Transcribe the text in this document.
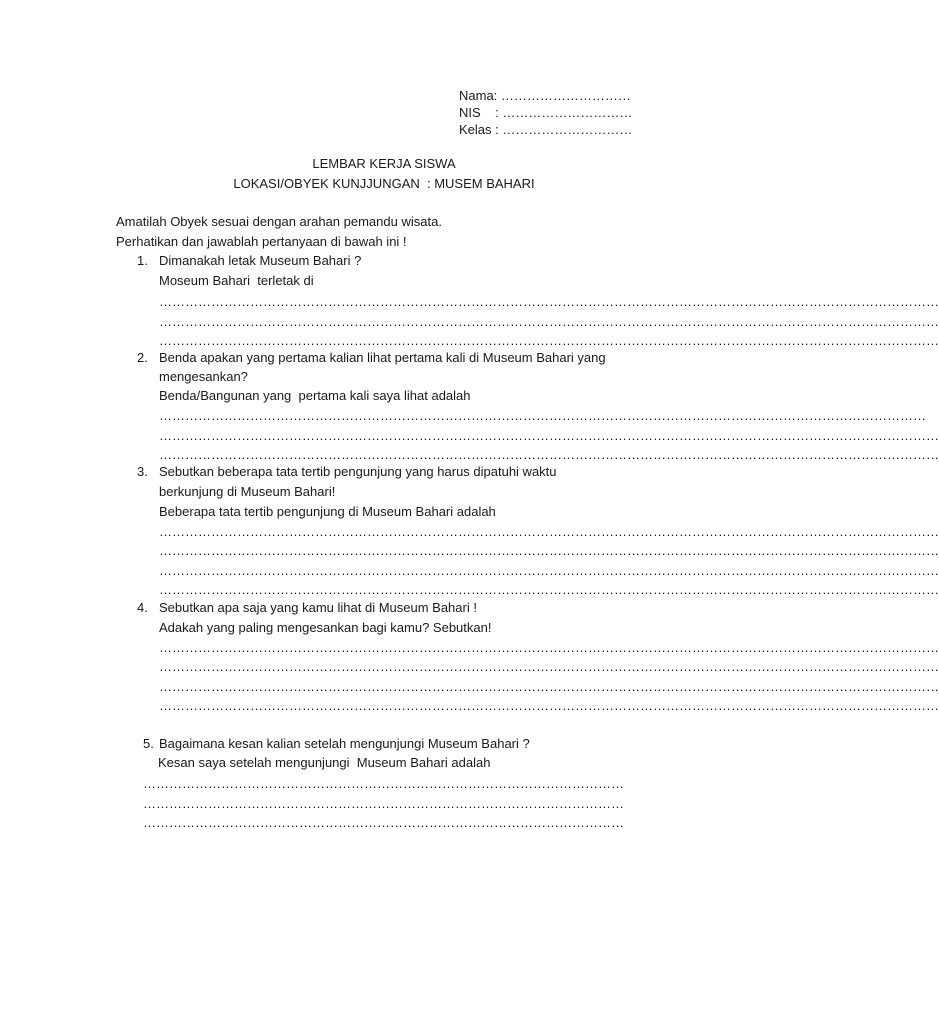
Nama: …………………………
NIS    : …………………………
Kelas : …………………………
LEMBAR KERJA SISWA
LOKASI/OBYEK KUNJJUNGAN  : MUSEM BAHARI
Amatilah Obyek sesuai dengan arahan pemandu wisata.
Perhatikan dan jawablah pertanyaan di bawah ini !
1. Dimanakah letak Museum Bahari ?
Moseum Bahari  terletak di
………………………………………………………………………………………………………………………………………………………………
………………………………………………………………………………………………………………………………………………………………
………………………………………………………………………………………………………………………………………………………………
2. Benda apakan yang pertama kalian lihat pertama kali di Museum Bahari yang
mengesankan?
Benda/Bangunan yang  pertama kali saya lihat adalah
……………………………………………………………………………………………………………………………………………………………
………………………………………………………………………………………………………………………………………………………………
………………………………………………………………………………………………………………………………………………………………
3. Sebutkan beberapa tata tertib pengunjung yang harus dipatuhi waktu
berkunjung di Museum Bahari!
Beberapa tata tertib pengunjung di Museum Bahari adalah
………………………………………………………………………………………………………………………………………………………………
………………………………………………………………………………………………………………………………………………………………
………………………………………………………………………………………………………………………………………………………………
………………………………………………………………………………………………………………………………………………………………
4. Sebutkan apa saja yang kamu lihat di Museum Bahari !
Adakah yang paling mengesankan bagi kamu? Sebutkan!
………………………………………………………………………………………………………………………………………………………………
………………………………………………………………………………………………………………………………………………………………
………………………………………………………………………………………………………………………………………………………………
………………………………………………………………………………………………………………………………………………………………
5. Bagaimana kesan kalian setelah mengunjungi Museum Bahari ?
Kesan saya setelah mengunjungi  Museum Bahari adalah
…………………………………………………………………………………………………
…………………………………………………………………………………………………
…………………………………………………………………………………………………
